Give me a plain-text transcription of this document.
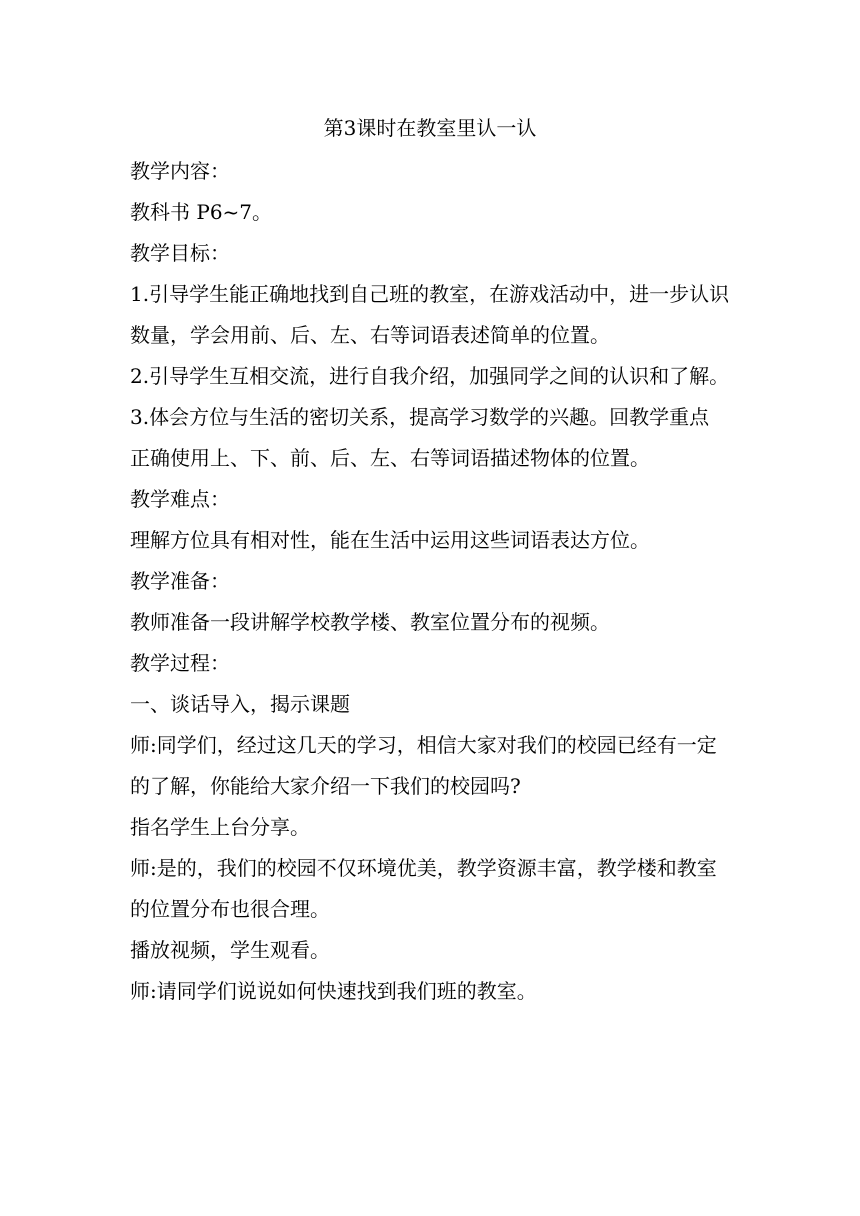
第3课时在教室里认一认
教学内容：
教科书 P6~7。
教学目标：
1.引导学生能正确地找到自己班的教室，在游戏活动中，进一步认识
数量，学会用前、后、左、右等词语表述简单的位置。
2.引导学生互相交流，进行自我介绍，加强同学之间的认识和了解。
3.体会方位与生活的密切关系，提高学习数学的兴趣。回教学重点
正确使用上、下、前、后、左、右等词语描述物体的位置。
教学难点：
理解方位具有相对性，能在生活中运用这些词语表达方位。
教学准备：
教师准备一段讲解学校教学楼、教室位置分布的视频。
教学过程：
一、谈话导入，揭示课题
师:同学们，经过这几天的学习，相信大家对我们的校园已经有一定
的了解，你能给大家介绍一下我们的校园吗?
指名学生上台分享。
师:是的，我们的校园不仅环境优美，教学资源丰富，教学楼和教室
的位置分布也很合理。
播放视频，学生观看。
师:请同学们说说如何快速找到我们班的教室。
